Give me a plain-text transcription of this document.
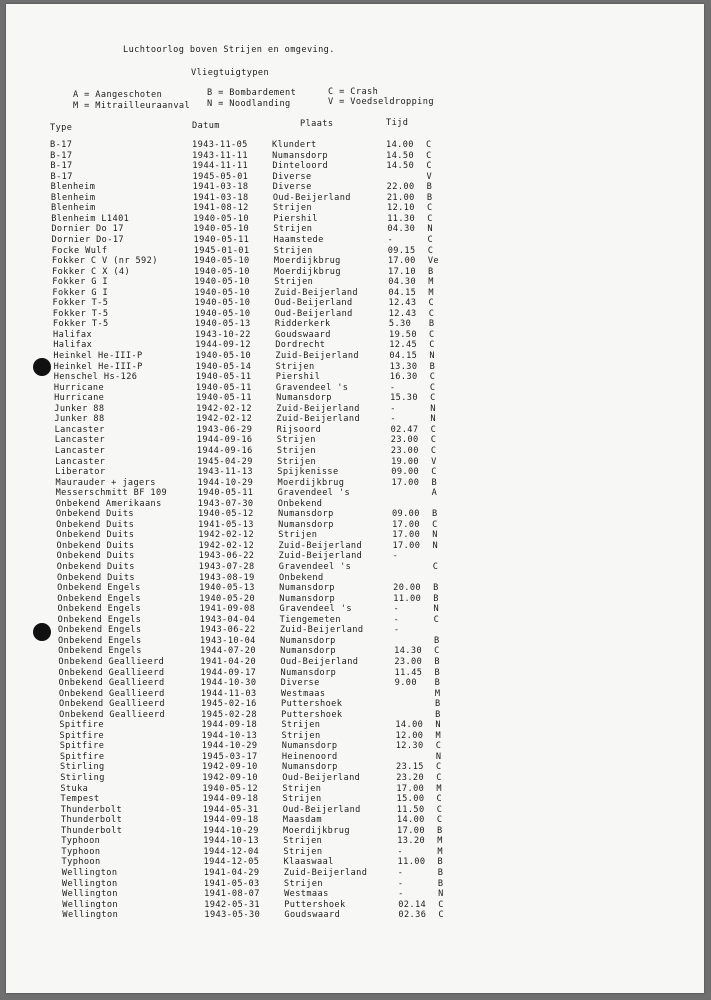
Luchtoorlog boven Strijen en omgeving.
Vliegtuigtypen
A = Aangeschoten	B = Bombardement	C = Crash
M = Mitrailleuraanval N = Noodlanding	V = Voedseldropping
Type	Datum	Plaats	Tijd
B-17	1943-11-05	Klundert	14.00 C
B-17	1943-11-11	Numansdorp	14.50 C
B-17	1944-11-11	Dinteloord	14.50 C
B-17	1945-05-01	Diverse	V
Blenheim	1941-03-18	Diverse	22.00 B
Blenheim	1941-03-18	Oud-Beijerland	21.00 B
Blenheim	1941-08-12	Strijen	12.10 C
Blenheim L1401	1940-05-10	Piershil	11.30 C
Dornier Do 17	1940-05-10	Strijen	04.30 N
Dornier Do-17	1940-05-11	Haamstede	-	C
Focke Wulf	1945-01-01	Strijen	09.15 C
Fokker C V (nr 592)	1940-05-10	Moerdijkbrug	17.00 Ve
Fokker C X (4)	1940-05-10	Moerdijkbrug	17.10 B
Fokker G I	1940-05-10	Strijen	04.30 M
Fokker G I	1940-05-10	Zuid-Beijerland	04.15 M
Fokker T-5	1940-05-10	Oud-Beijerland	12.43 C
Fokker T-5	1940-05-10	Oud-Beijerland	12.43 C
Fokker T-5	1940-05-13	Ridderkerk	5.30 B
Halifax	1943-10-22	Goudswaard	19.50 C
Halifax	1944-09-12	Dordrecht	12.45 C
Heinkel He-III-P	1940-05-10	Zuid-Beijerland	04.15 N
Heinkel He-III-P	1940-05-14	Strijen	13.30 B
Henschel Hs-126	1940-05-11	Piershil	16.30 C
Hurricane	1940-05-11	Gravendeel 's	-	C
Hurricane	1940-05-11	Numansdorp	15.30 C
Junker 88	1942-02-12	Zuid-Beijerland	-	N
Junker 88	1942-02-12	Zuid-Beijerland	-	N
Lancaster	1943-06-29	Rijsoord	02.47 C
Lancaster	1944-09-16	Strijen	23.00 C
Lancaster	1944-09-16	Strijen	23.00 C
Lancaster	1945-04-29	Strijen	19.00 V
Liberator	1943-11-13	Spijkenisse	09.00 C
Maurauder + jagers	1944-10-29	Moerdijkbrug	17.00 B
Messerschmitt BF 109	1940-05-11	Gravendeel 's	A
Onbekend Amerikaans	1943-07-30	Onbekend
Onbekend Duits	1940-05-12	Numansdorp	09.00 B
Onbekend Duits	1941-05-13	Numansdorp	17.00 C
Onbekend Duits	1942-02-12	Strijen	17.00 N
Onbekend Duits	1942-02-12	Zuid-Beijerland	17.00 N
Onbekend Duits	1943-06-22	Zuid-Beijerland	-
Onbekend Duits	1943-07-28	Gravendeel 's	C
Onbekend Duits	1943-08-19	Onbekend
Onbekend Engels	1940-05-13	Numansdorp	20.00 B
Onbekend Engels	1940-05-20	Numansdorp	11.00 B
Onbekend Engels	1941-09-08	Gravendeel 's	-	N
Onbekend Engels	1943-04-04	Tiengemeten	-	C
Onbekend Engels	1943-06-22	Zuid-Beijerland	-
Onbekend Engels	1943-10-04	Numansdorp	B
Onbekend Engels	1944-07-20	Numansdorp	14.30 C
Onbekend Geallieerd	1941-04-20	Oud-Beijerland	23.00 B
Onbekend Geallieerd	1944-09-17	Numansdorp	11.45 B
Onbekend Geallieerd	1944-10-30	Diverse	9.00 B
Onbekend Geallieerd	1944-11-03	Westmaas	M
Onbekend Geallieerd	1945-02-16	Puttershoek	B
Onbekend Geallieerd	1945-02-28	Puttershoek	B
Spitfire	1944-09-18	Strijen	14.00 N
Spitfire	1944-10-13	Strijen	12.00 M
Spitfire	1944-10-29	Numansdorp	12.30 C
Spitfire	1945-03-17	Heinenoord	N
Stirling	1942-09-10	Numansdorp	23.15 C
Stirling	1942-09-10	Oud-Beijerland	23.20 C
Stuka	1940-05-12	Strijen	17.00 M
Tempest	1944-09-18	Strijen	15.00 C
Thunderbolt	1944-05-31	Oud-Beijerland	11.50 C
Thunderbolt	1944-09-18	Maasdam	14.00 C
Thunderbolt	1944-10-29	Moerdijkbrug	17.00 B
Typhoon	1944-10-13	Strijen	13.20 M
Typhoon	1944-12-04	Strijen	-	M
Typhoon	1944-12-05	Klaaswaal	11.00 B
Wellington	1941-04-29	Zuid-Beijerland	-	B
Wellington	1941-05-03	Strijen	-	B
Wellington	1941-08-07	Westmaas	-	N
Wellington	1942-05-31	Puttershoek	02.14 C
Wellington	1943-05-30	Goudswaard	02.36 C
